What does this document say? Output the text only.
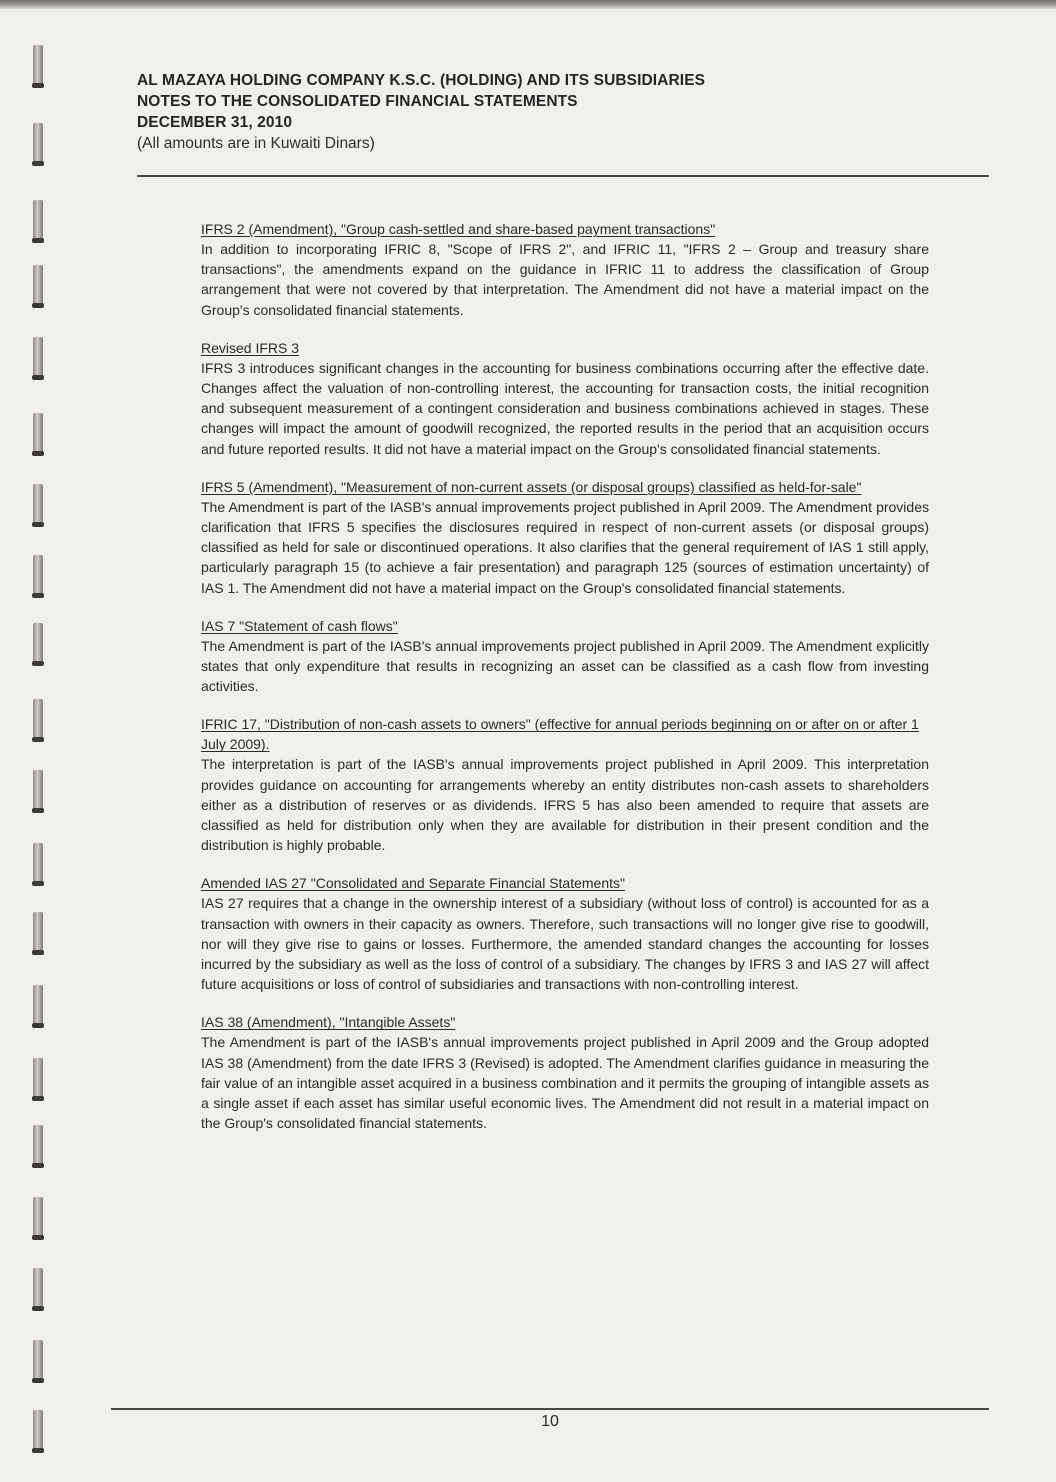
AL MAZAYA HOLDING COMPANY K.S.C. (HOLDING) AND ITS SUBSIDIARIES
NOTES TO THE CONSOLIDATED FINANCIAL STATEMENTS
DECEMBER 31, 2010
(All amounts are in Kuwaiti Dinars)
IFRS 2 (Amendment), "Group cash-settled and share-based payment transactions"
In addition to incorporating IFRIC 8, "Scope of IFRS 2", and IFRIC 11, "IFRS 2 – Group and treasury share transactions", the amendments expand on the guidance in IFRIC 11 to address the classification of Group arrangement that were not covered by that interpretation. The Amendment did not have a material impact on the Group's consolidated financial statements.
Revised IFRS 3
IFRS 3 introduces significant changes in the accounting for business combinations occurring after the effective date. Changes affect the valuation of non-controlling interest, the accounting for transaction costs, the initial recognition and subsequent measurement of a contingent consideration and business combinations achieved in stages. These changes will impact the amount of goodwill recognized, the reported results in the period that an acquisition occurs and future reported results. It did not have a material impact on the Group's consolidated financial statements.
IFRS 5 (Amendment), "Measurement of non-current assets (or disposal groups) classified as held-for-sale"
The Amendment is part of the IASB's annual improvements project published in April 2009. The Amendment provides clarification that IFRS 5 specifies the disclosures required in respect of non-current assets (or disposal groups) classified as held for sale or discontinued operations. It also clarifies that the general requirement of IAS 1 still apply, particularly paragraph 15 (to achieve a fair presentation) and paragraph 125 (sources of estimation uncertainty) of IAS 1. The Amendment did not have a material impact on the Group's consolidated financial statements.
IAS 7 "Statement of cash flows"
The Amendment is part of the IASB's annual improvements project published in April 2009. The Amendment explicitly states that only expenditure that results in recognizing an asset can be classified as a cash flow from investing activities.
IFRIC 17, "Distribution of non-cash assets to owners" (effective for annual periods beginning on or after on or after 1 July 2009).
The interpretation is part of the IASB's annual improvements project published in April 2009. This interpretation provides guidance on accounting for arrangements whereby an entity distributes non-cash assets to shareholders either as a distribution of reserves or as dividends. IFRS 5 has also been amended to require that assets are classified as held for distribution only when they are available for distribution in their present condition and the distribution is highly probable.
Amended IAS 27 "Consolidated and Separate Financial Statements"
IAS 27 requires that a change in the ownership interest of a subsidiary (without loss of control) is accounted for as a transaction with owners in their capacity as owners. Therefore, such transactions will no longer give rise to goodwill, nor will they give rise to gains or losses. Furthermore, the amended standard changes the accounting for losses incurred by the subsidiary as well as the loss of control of a subsidiary. The changes by IFRS 3 and IAS 27 will affect future acquisitions or loss of control of subsidiaries and transactions with non-controlling interest.
IAS 38 (Amendment), "Intangible Assets"
The Amendment is part of the IASB's annual improvements project published in April 2009 and the Group adopted IAS 38 (Amendment) from the date IFRS 3 (Revised) is adopted. The Amendment clarifies guidance in measuring the fair value of an intangible asset acquired in a business combination and it permits the grouping of intangible assets as a single asset if each asset has similar useful economic lives. The Amendment did not result in a material impact on the Group's consolidated financial statements.
10
